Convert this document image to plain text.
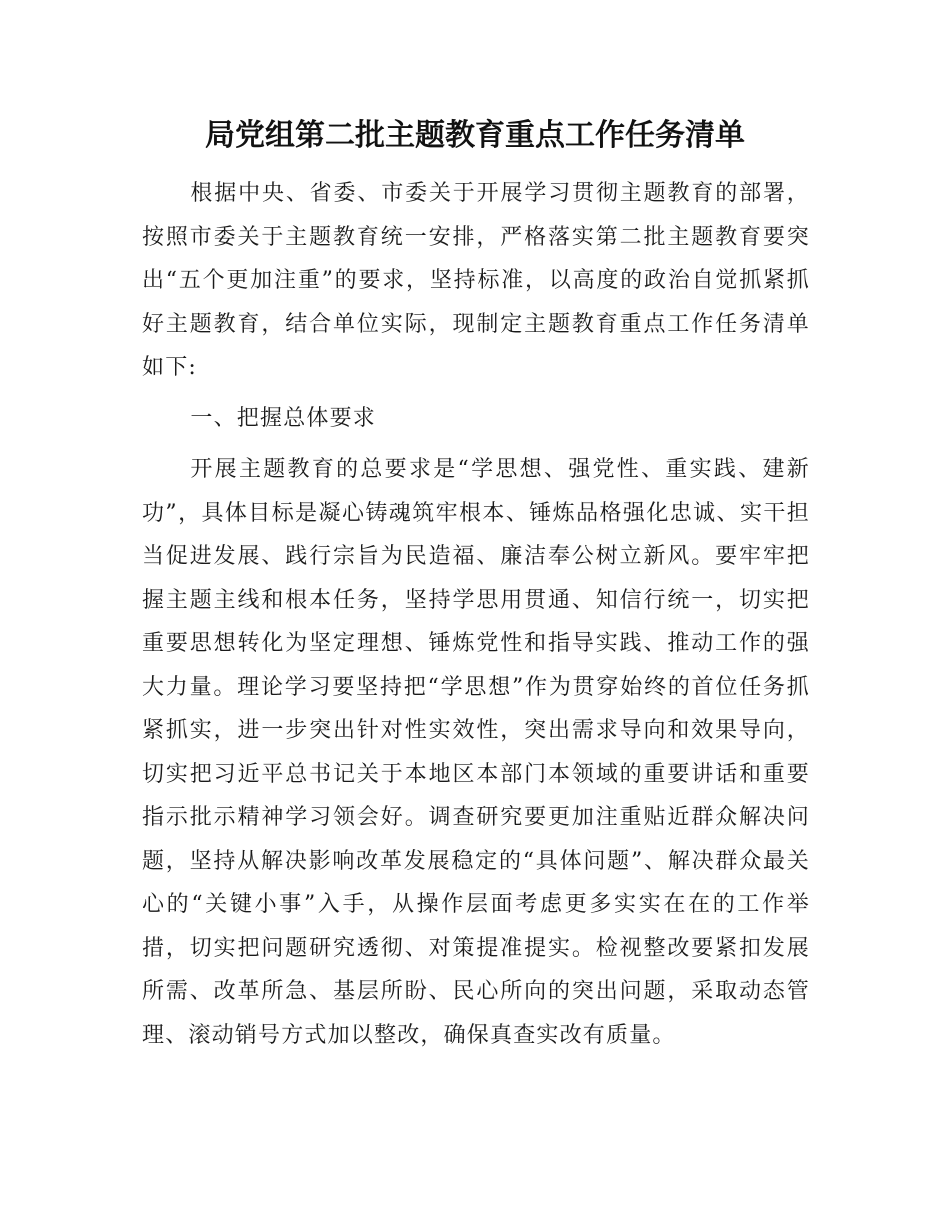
局党组第二批主题教育重点工作任务清单

根据中央、省委、市委关于开展学习贯彻主题教育的部署，按照市委关于主题教育统一安排，严格落实第二批主题教育要突出“五个更加注重”的要求，坚持标准，以高度的政治自觉抓紧抓好主题教育，结合单位实际，现制定主题教育重点工作任务清单如下:

一、把握总体要求

开展主题教育的总要求是“学思想、强党性、重实践、建新功”，具体目标是凝心铸魂筑牢根本、锤炼品格强化忠诚、实干担当促进发展、践行宗旨为民造福、廉洁奉公树立新风。要牢牢把握主题主线和根本任务，坚持学思用贯通、知信行统一，切实把重要思想转化为坚定理想、锤炼党性和指导实践、推动工作的强大力量。理论学习要坚持把“学思想”作为贯穿始终的首位任务抓紧抓实，进一步突出针对性实效性，突出需求导向和效果导向，切实把习近平总书记关于本地区本部门本领域的重要讲话和重要指示批示精神学习领会好。调查研究要更加注重贴近群众解决问题，坚持从解决影响改革发展稳定的“具体问题”、解决群众最关心的“关键小事”入手，从操作层面考虑更多实实在在的工作举措，切实把问题研究透彻、对策提准提实。检视整改要紧扣发展所需、改革所急、基层所盼、民心所向的突出问题，采取动态管理、滚动销号方式加以整改，确保真查实改有质量。
